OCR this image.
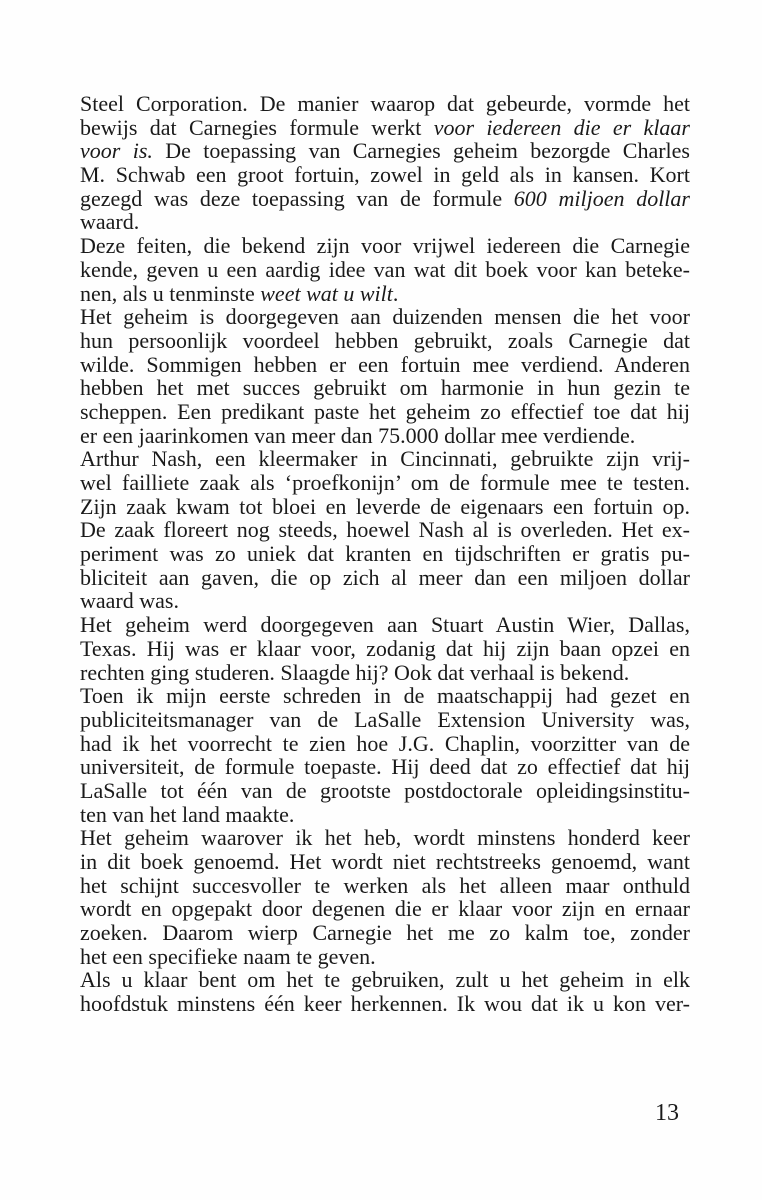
Steel Corporation. De manier waarop dat gebeurde, vormde het
bewijs dat Carnegies formule werkt voor iedereen die er klaar
voor is. De toepassing van Carnegies geheim bezorgde Charles
M. Schwab een groot fortuin, zowel in geld als in kansen. Kort
gezegd was deze toepassing van de formule 600 miljoen dollar
waard.
Deze feiten, die bekend zijn voor vrijwel iedereen die Carnegie
kende, geven u een aardig idee van wat dit boek voor kan beteke-
nen, als u tenminste weet wat u wilt.
Het geheim is doorgegeven aan duizenden mensen die het voor
hun persoonlijk voordeel hebben gebruikt, zoals Carnegie dat
wilde. Sommigen hebben er een fortuin mee verdiend. Anderen
hebben het met succes gebruikt om harmonie in hun gezin te
scheppen. Een predikant paste het geheim zo effectief toe dat hij
er een jaarinkomen van meer dan 75.000 dollar mee verdiende.
Arthur Nash, een kleermaker in Cincinnati, gebruikte zijn vrij-
wel failliete zaak als ‘proefkonijn’ om de formule mee te testen.
Zijn zaak kwam tot bloei en leverde de eigenaars een fortuin op.
De zaak floreert nog steeds, hoewel Nash al is overleden. Het ex-
periment was zo uniek dat kranten en tijdschriften er gratis pu-
bliciteit aan gaven, die op zich al meer dan een miljoen dollar
waard was.
Het geheim werd doorgegeven aan Stuart Austin Wier, Dallas,
Texas. Hij was er klaar voor, zodanig dat hij zijn baan opzei en
rechten ging studeren. Slaagde hij? Ook dat verhaal is bekend.
Toen ik mijn eerste schreden in de maatschappij had gezet en
publiciteitsmanager van de LaSalle Extension University was,
had ik het voorrecht te zien hoe J.G. Chaplin, voorzitter van de
universiteit, de formule toepaste. Hij deed dat zo effectief dat hij
LaSalle tot één van de grootste postdoctorale opleidingsinstitu-
ten van het land maakte.
Het geheim waarover ik het heb, wordt minstens honderd keer
in dit boek genoemd. Het wordt niet rechtstreeks genoemd, want
het schijnt succesvoller te werken als het alleen maar onthuld
wordt en opgepakt door degenen die er klaar voor zijn en ernaar
zoeken. Daarom wierp Carnegie het me zo kalm toe, zonder
het een specifieke naam te geven.
Als u klaar bent om het te gebruiken, zult u het geheim in elk
hoofdstuk minstens één keer herkennen. Ik wou dat ik u kon ver-
13
